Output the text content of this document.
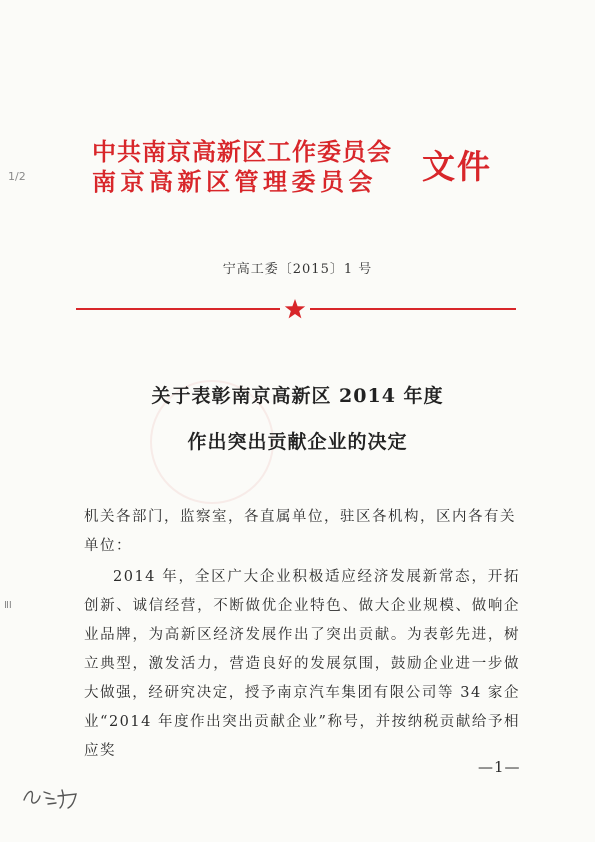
中共南京高新区工作委员会
南京高新区管理委员会	文件
宁高工委〔2015〕1 号
关于表彰南京高新区 2014 年度
作出突出贡献企业的决定
机关各部门，监察室，各直属单位，驻区各机构，区内各有关单位：
2014 年，全区广大企业积极适应经济发展新常态，开拓创新、诚信经营，不断做优企业特色、做大企业规模、做响企业品牌，为高新区经济发展作出了突出贡献。为表彰先进，树立典型，激发活力，营造良好的发展氛围，鼓励企业进一步做大做强，经研究决定，授予南京汽车集团有限公司等 34 家企业“2014 年度作出突出贡献企业”称号，并按纳税贡献给予相应奖
—1—
1/2
ⅡⅠ
